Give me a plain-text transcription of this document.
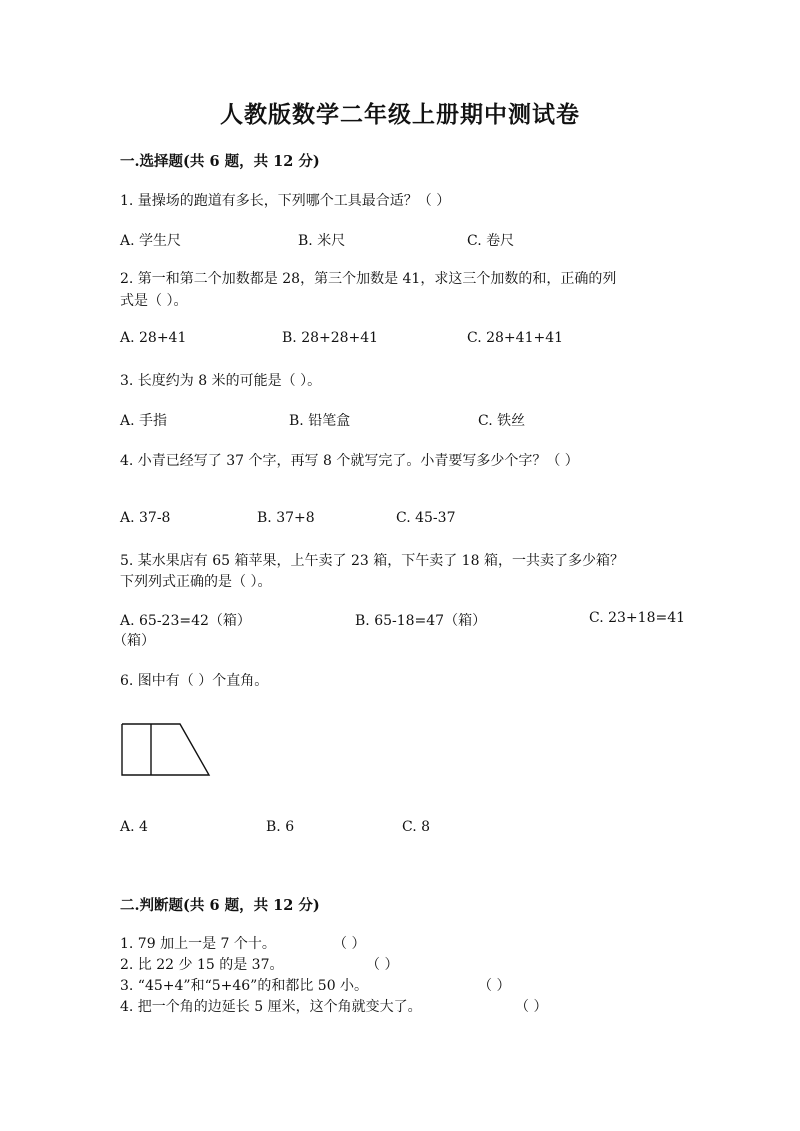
人教版数学二年级上册期中测试卷
一.选择题(共 6 题，共 12 分)
1. 量操场的跑道有多长，下列哪个工具最合适？（ ）
A. 学生尺	B. 米尺	C. 卷尺
2. 第一和第二个加数都是 28，第三个加数是 41，求这三个加数的和，正确的列
式是（ ）。
A. 28+41	B. 28+28+41	C. 28+41+41
3. 长度约为 8 米的可能是（ ）。
A. 手指	B. 铅笔盒	C. 铁丝
4. 小青已经写了 37 个字，再写 8 个就写完了。小青要写多少个字？（ ）
A. 37-8	B. 37+8	C. 45-37
5. 某水果店有 65 箱苹果，上午卖了 23 箱，下午卖了 18 箱，一共卖了多少箱？
下列列式正确的是（ ）。
A. 65-23=42（箱）	B. 65-18=47（箱）	C. 23+18=41
（箱）
6. 图中有（ ）个直角。
A. 4	B. 6	C. 8
二.判断题(共 6 题，共 12 分)
1. 79 加上一是 7 个十。	（ ）
2. 比 22 少 15 的是 37。	（ ）
3. “45+4”和“5+46”的和都比 50 小。	（ ）
4. 把一个角的边延长 5 厘米，这个角就变大了。	（ ）
